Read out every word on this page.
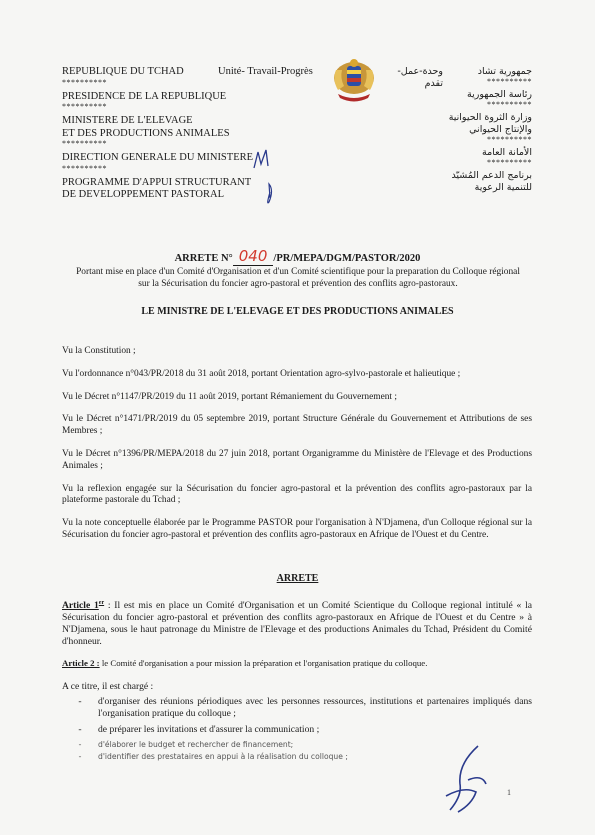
REPUBLIQUE DU TCHAD
**********
PRESIDENCE DE LA REPUBLIQUE
**********
MINISTERE DE L'ELEVAGE
ET DES PRODUCTIONS ANIMALES
**********
DIRECTION GENERALE DU MINISTERE
**********
PROGRAMME D'APPUI STRUCTURANT
DE DEVELOPPEMENT PASTORAL
Unité- Travail-Progrès	وحدة-عمل- تقدم
جمهورية تشاد
**********
رئاسة الجمهورية
**********
وزارة الثروة الحيوانية
والإنتاج الحيواني
**********
الأمانة العامة
**********
برنامج الدعم المُشيّد
للتنمية الرعوية
ARRETE N° 040 /PR/MEPA/DGM/PASTOR/2020
Portant mise en place d'un Comité d'Organisation et d'un Comité scientifique pour la preparation du Colloque régional sur la Sécurisation du foncier agro-pastoral et prévention des conflits agro-pastoraux.
LE MINISTRE DE L'ELEVAGE ET DES PRODUCTIONS ANIMALES

Vu la Constitution ;

Vu l'ordonnance n°043/PR/2018 du 31 août 2018, portant Orientation agro-sylvo-pastorale et halieutique ;

Vu le Décret n°1147/PR/2019 du 11 août 2019, portant Rémaniement du Gouvernement ;

Vu le Décret n°1471/PR/2019 du 05 septembre 2019, portant Structure Générale du Gouvernement et Attributions de ses Membres ;

Vu le Décret n°1396/PR/MEPA/2018 du 27 juin 2018, portant Organigramme du Ministère de l'Elevage et des Productions Animales ;

Vu la reflexion engagée sur la Sécurisation du foncier agro-pastoral et la prévention des conflits agro-pastoraux par la plateforme pastorale du Tchad ;

Vu la note conceptuelle élaborée par le Programme PASTOR pour l'organisation à N'Djamena, d'un Colloque régional sur la Sécurisation du foncier agro-pastoral et prévention des conflits agro-pastoraux en Afrique de l'Ouest et du Centre.

ARRETE
Article 1er : Il est mis en place un Comité d'Organisation et un Comité Scientique du Colloque regional intitulé « la Sécurisation du foncier agro-pastoral et prévention des conflits agro-pastoraux en Afrique de l'Ouest et du Centre » à N'Djamena, sous le haut patronage du Ministre de l'Elevage et des productions Animales du Tchad, Président du Comité d'honneur.
Article 2 : le Comité d'organisation a pour mission la préparation et l'organisation pratique du colloque.
A ce titre, il est chargé :
-	d'organiser des réunions périodiques avec les personnes ressources, institutions et partenaires impliqués dans l'organisation pratique du colloque ;
-	de préparer les invitations et d'assurer la communication ;
-	d'élaborer le budget et rechercher de financement;
-	d'identifier des prestataires en appui à la réalisation du colloque ;
1
